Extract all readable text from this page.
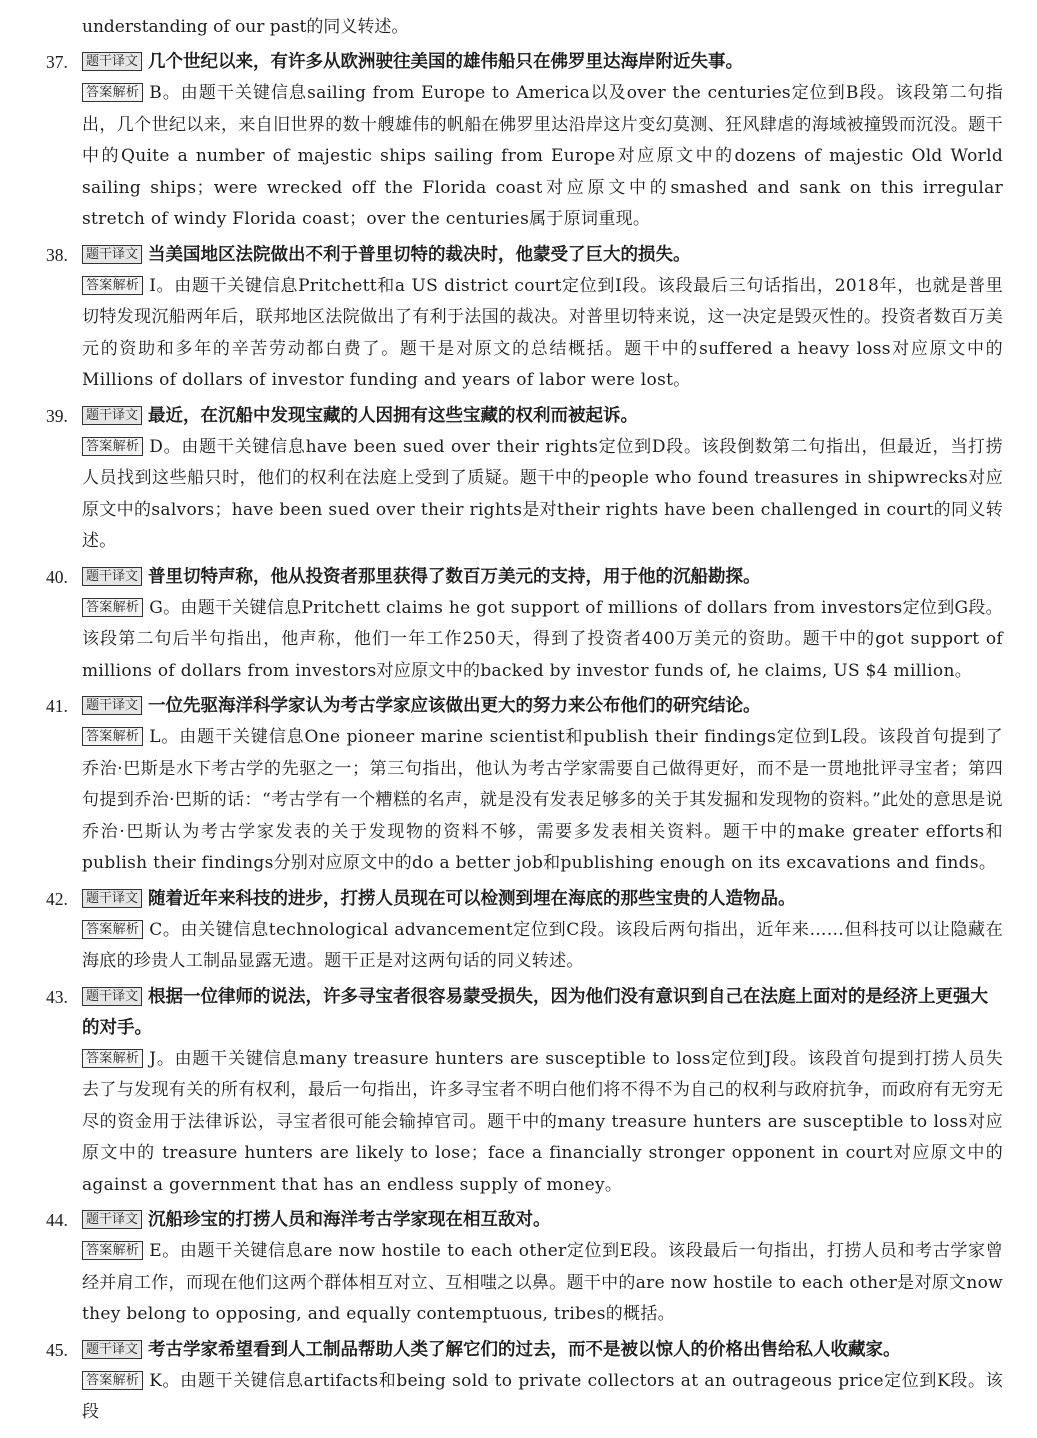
understanding of our past的同义转述。
37.	题干译文 几个世纪以来，有许多从欧洲驶往美国的雄伟船只在佛罗里达海岸附近失事。
答案解析 B。由题干关键信息sailing from Europe to America以及over the centuries定位到B段。该段第二句指出，几个世纪以来，来自旧世界的数十艘雄伟的帆船在佛罗里达沿岸这片变幻莫测、狂风肆虐的海域被撞毁而沉没。题干中的Quite a number of majestic ships sailing from Europe对应原文中的dozens of majestic Old World sailing ships；were wrecked off the Florida coast对应原文中的smashed and sank on this irregular stretch of windy Florida coast；over the centuries属于原词重现。
38.	题干译文 当美国地区法院做出不利于普里切特的裁决时，他蒙受了巨大的损失。
答案解析 I。由题干关键信息Pritchett和a US district court定位到I段。该段最后三句话指出，2018年，也就是普里切特发现沉船两年后，联邦地区法院做出了有利于法国的裁决。对普里切特来说，这一决定是毁灭性的。投资者数百万美元的资助和多年的辛苦劳动都白费了。题干是对原文的总结概括。题干中的suffered a heavy loss对应原文中的Millions of dollars of investor funding and years of labor were lost。
39.	题干译文 最近，在沉船中发现宝藏的人因拥有这些宝藏的权利而被起诉。
答案解析 D。由题干关键信息have been sued over their rights定位到D段。该段倒数第二句指出，但最近，当打捞人员找到这些船只时，他们的权利在法庭上受到了质疑。题干中的people who found treasures in shipwrecks对应原文中的salvors；have been sued over their rights是对their rights have been challenged in court的同义转述。
40.	题干译文 普里切特声称，他从投资者那里获得了数百万美元的支持，用于他的沉船勘探。
答案解析 G。由题干关键信息Pritchett claims he got support of millions of dollars from investors定位到G段。该段第二句后半句指出，他声称，他们一年工作250天，得到了投资者400万美元的资助。题干中的got support of millions of dollars from investors对应原文中的backed by investor funds of, he claims, US $4 million。
41.	题干译文 一位先驱海洋科学家认为考古学家应该做出更大的努力来公布他们的研究结论。
答案解析 L。由题干关键信息One pioneer marine scientist和publish their findings定位到L段。该段首句提到了乔治·巴斯是水下考古学的先驱之一；第三句指出，他认为考古学家需要自己做得更好，而不是一贯地批评寻宝者；第四句提到乔治·巴斯的话：“考古学有一个糟糕的名声，就是没有发表足够多的关于其发掘和发现物的资料。”此处的意思是说乔治·巴斯认为考古学家发表的关于发现物的资料不够，需要多发表相关资料。题干中的make greater efforts和 publish their findings分别对应原文中的do a better job和publishing enough on its excavations and finds。
42.	题干译文 随着近年来科技的进步，打捞人员现在可以检测到埋在海底的那些宝贵的人造物品。
答案解析 C。由关键信息technological advancement定位到C段。该段后两句指出，近年来……但科技可以让隐藏在海底的珍贵人工制品显露无遗。题干正是对这两句话的同义转述。
43.	题干译文 根据一位律师的说法，许多寻宝者很容易蒙受损失，因为他们没有意识到自己在法庭上面对的是经济上更强大的对手。
答案解析 J。由题干关键信息many treasure hunters are susceptible to loss定位到J段。该段首句提到打捞人员失去了与发现有关的所有权利，最后一句指出，许多寻宝者不明白他们将不得不为自己的权利与政府抗争，而政府有无穷无尽的资金用于法律诉讼，寻宝者很可能会输掉官司。题干中的many treasure hunters are susceptible to loss对应原文中的 treasure hunters are likely to lose；face a financially stronger opponent in court对应原文中的against a government that has an endless supply of money。
44.	题干译文 沉船珍宝的打捞人员和海洋考古学家现在相互敌对。
答案解析 E。由题干关键信息are now hostile to each other定位到E段。该段最后一句指出，打捞人员和考古学家曾经并肩工作，而现在他们这两个群体相互对立、互相嗤之以鼻。题干中的are now hostile to each other是对原文now they belong to opposing, and equally contemptuous, tribes的概括。
45.	题干译文 考古学家希望看到人工制品帮助人类了解它们的过去，而不是被以惊人的价格出售给私人收藏家。
答案解析 K。由题干关键信息artifacts和being sold to private collectors at an outrageous price定位到K段。该段
